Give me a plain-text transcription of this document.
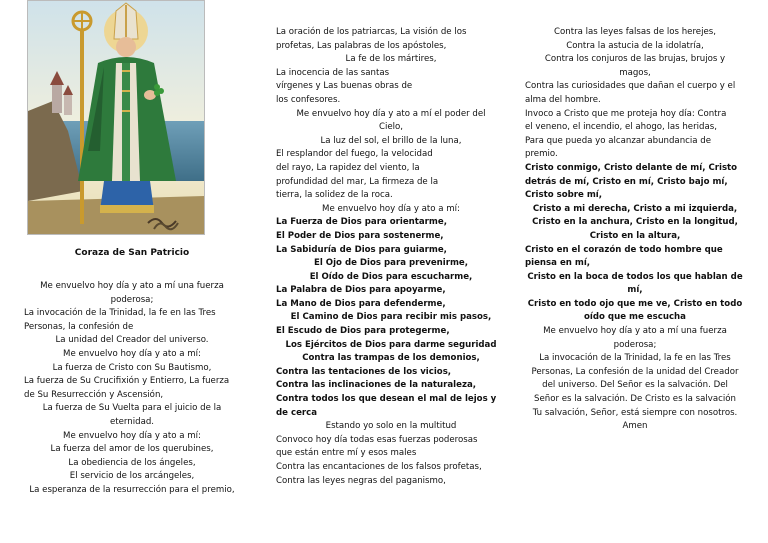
Coraza de San Patricio
Me envuelvo hoy día y ato a mí una fuerza
poderosa;
La invocación de la Trinidad, la fe en las Tres
Personas, la confesión de
La unidad del Creador del universo.
Me envuelvo hoy día y ato a mí:
La fuerza de Cristo con Su Bautismo,
La fuerza de Su Crucifixión y Entierro, La fuerza
de Su Resurrección y Ascensión,
La fuerza de Su Vuelta para el juicio de la
eternidad.
Me envuelvo hoy día y ato a mí:
La fuerza del amor de los querubines,
La obediencia de los ángeles,
El servicio de los arcángeles,
La esperanza de la resurrección para el premio,
La oración de los patriarcas, La visión de los
profetas, Las palabras de los apóstoles,
La fe de los mártires,
La inocencia de las santas
vírgenes y Las buenas obras de
los confesores.
Me envuelvo hoy día y ato a mí el poder del
Cielo,
La luz del sol, el brillo de la luna,
El resplandor del fuego, la velocidad
del rayo, La rapidez del viento, la
profundidad del mar, La firmeza de la
tierra, la solidez de la roca.
Me envuelvo hoy día y ato a mí:
La Fuerza de Dios para orientarme,
El Poder de Dios para sostenerme,
La Sabiduría de Dios para guiarme,
El Ojo de Dios para prevenirme,
El Oído de Dios para escucharme,
La Palabra de Dios para apoyarme,
La Mano de Dios para defenderme,
El Camino de Dios para recibir mis pasos,
El Escudo de Dios para protegerme,
Los Ejércitos de Dios para darme seguridad
Contra las trampas de los demonios,
Contra las tentaciones de los vicios,
Contra las inclinaciones de la naturaleza,
Contra todos los que desean el mal de lejos y
de cerca
Estando yo solo en la multitud
Convoco hoy día todas esas fuerzas poderosas
que están entre mí y esos males
Contra las encantaciones de los falsos profetas,
Contra las leyes negras del paganismo,
Contra las leyes falsas de los herejes,
Contra la astucia de la idolatría,
Contra los conjuros de las brujas, brujos y
magos,
Contra las curiosidades que dañan el cuerpo y el
alma del hombre.
Invoco a Cristo que me proteja hoy día: Contra
el veneno, el incendio, el ahogo, las heridas,
Para que pueda yo alcanzar abundancia de
premio.
Cristo conmigo, Cristo delante de mí, Cristo
detrás de mí, Cristo en mí, Cristo bajo mí,
Cristo sobre mí,
Cristo a mi derecha, Cristo a mi izquierda,
Cristo en la anchura, Cristo en la longitud,
Cristo en la altura,
Cristo en el corazón de todo hombre que
piensa en mí,
Cristo en la boca de todos los que hablan de
mí,
Cristo en todo ojo que me ve, Cristo en todo
oído que me escucha
Me envuelvo hoy día y ato a mí una fuerza
poderosa;
La invocación de la Trinidad, la fe en las Tres
Personas, La confesión de la unidad del Creador
del universo. Del Señor es la salvación. Del
Señor es la salvación. De Cristo es la salvación
Tu salvación, Señor, está siempre con nosotros.
Amen
